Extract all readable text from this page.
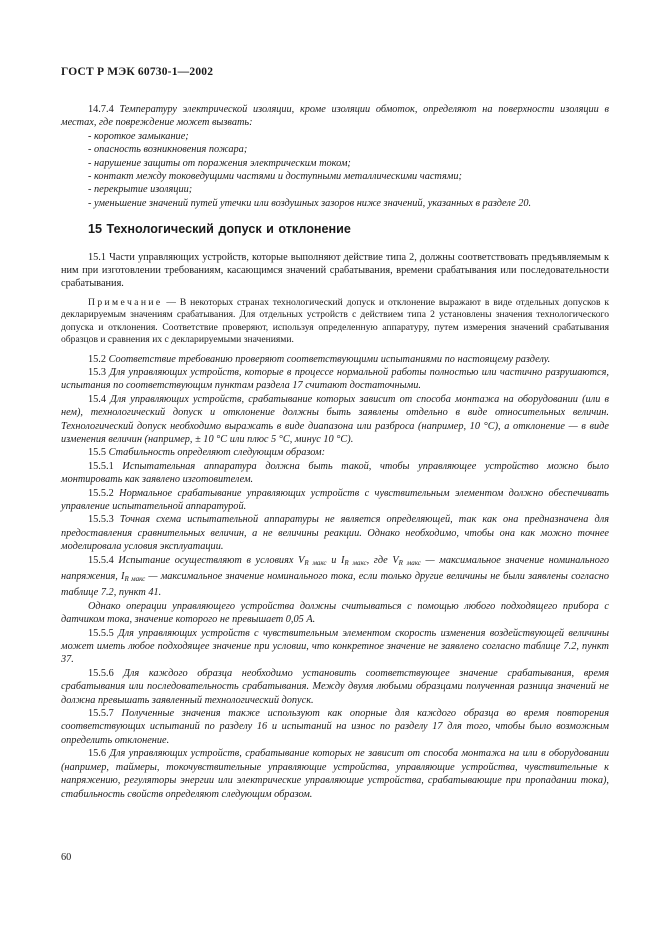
ГОСТ Р МЭК 60730-1—2002

14.7.4 Температуру электрической изоляции, кроме изоляции обмоток, определяют на поверхности изоляции в местах, где повреждение может вызвать:

- короткое замыкание;
- опасность возникновения пожара;
- нарушение защиты от поражения электрическим током;
- контакт между токоведущими частями и доступными металлическими частями;
- перекрытие изоляции;
- уменьшение значений путей утечки или воздушных зазоров ниже значений, указанных в разделе 20.
15 Технологический допуск и отклонение

15.1 Части управляющих устройств, которые выполняют действие типа 2, должны соответствовать предъявляемым к ним при изготовлении требованиям, касающимся значений срабатывания, времени срабатывания или последовательности срабатывания.

Примечание — В некоторых странах технологический допуск и отклонение выражают в виде отдельных допусков к декларируемым значениям срабатывания. Для отдельных устройств с действием типа 2 установлены значения технологического допуска и отклонения. Соответствие проверяют, используя определенную аппаратуру, путем измерения значений срабатывания образцов и сравнения их с декларируемыми значениями.

15.2 Соответствие требованию проверяют соответствующими испытаниями по настоящему разделу.

15.3 Для управляющих устройств, которые в процессе нормальной работы полностью или частично разрушаются, испытания по соответствующим пунктам раздела 17 считают достаточными.

15.4 Для управляющих устройств, срабатывание которых зависит от способа монтажа на оборудовании (или в нем), технологический допуск и отклонение должны быть заявлены отдельно в виде относительных величин. Технологический допуск необходимо выражать в виде диапазона или разброса (например, 10 °С), а отклонение — в виде изменения величин (например, ± 10 °С или плюс 5 °С, минус 10 °С).

15.5 Стабильность определяют следующим образом:

15.5.1 Испытательная аппаратура должна быть такой, чтобы управляющее устройство можно было монтировать как заявлено изготовителем.

15.5.2 Нормальное срабатывание управляющих устройств с чувствительным элементом должно обеспечивать управление испытательной аппаратурой.

15.5.3 Точная схема испытательной аппаратуры не является определяющей, так как она предназначена для предоставления сравнительных величин, а не величины реакции. Однако необходимо, чтобы она как можно точнее моделировала условия эксплуатации.

15.5.4 Испытание осуществляют в условиях $V_{R макс}$ и $I_{R макс}$, где $V_{R макс}$ — максимальное значение номинального напряжения, $I_{R макс}$ — максимальное значение номинального тока, если только другие величины не были заявлены согласно таблице 7.2, пункт 41.

Однако операции управляющего устройства должны считываться с помощью любого подходящего прибора с датчиком тока, значение которого не превышает 0,05 А.

15.5.5 Для управляющих устройств с чувствительным элементом скорость изменения воздействующей величины может иметь любое подходящее значение при условии, что конкретное значение не заявлено согласно таблице 7.2, пункт 37.

15.5.6 Для каждого образца необходимо установить соответствующее значение срабатывания, время срабатывания или последовательность срабатывания. Между двумя любыми образцами полученная разница значений не должна превышать заявленный технологический допуск.

15.5.7 Полученные значения также используют как опорные для каждого образца во время повторения соответствующих испытаний по разделу 16 и испытаний на износ по разделу 17 для того, чтобы было возможным определить отклонение.

15.6 Для управляющих устройств, срабатывание которых не зависит от способа монтажа на или в оборудовании (например, таймеры, токочувствительные управляющие устройства, управляющие устройства, чувствительные к напряжению, регуляторы энергии или электрические управляющие устройства, срабатывающие при пропадании тока), стабильность свойств определяют следующим образом.

60
